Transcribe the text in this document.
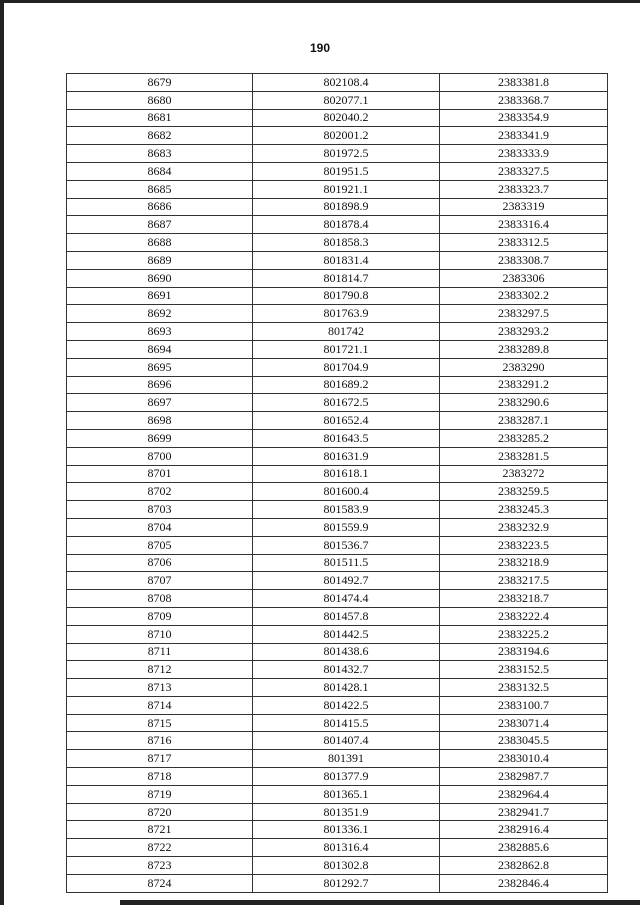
190
8679	802108.4	2383381.8
8680	802077.1	2383368.7
8681	802040.2	2383354.9
8682	802001.2	2383341.9
8683	801972.5	2383333.9
8684	801951.5	2383327.5
8685	801921.1	2383323.7
8686	801898.9	2383319
8687	801878.4	2383316.4
8688	801858.3	2383312.5
8689	801831.4	2383308.7
8690	801814.7	2383306
8691	801790.8	2383302.2
8692	801763.9	2383297.5
8693	801742	2383293.2
8694	801721.1	2383289.8
8695	801704.9	2383290
8696	801689.2	2383291.2
8697	801672.5	2383290.6
8698	801652.4	2383287.1
8699	801643.5	2383285.2
8700	801631.9	2383281.5
8701	801618.1	2383272
8702	801600.4	2383259.5
8703	801583.9	2383245.3
8704	801559.9	2383232.9
8705	801536.7	2383223.5
8706	801511.5	2383218.9
8707	801492.7	2383217.5
8708	801474.4	2383218.7
8709	801457.8	2383222.4
8710	801442.5	2383225.2
8711	801438.6	2383194.6
8712	801432.7	2383152.5
8713	801428.1	2383132.5
8714	801422.5	2383100.7
8715	801415.5	2383071.4
8716	801407.4	2383045.5
8717	801391	2383010.4
8718	801377.9	2382987.7
8719	801365.1	2382964.4
8720	801351.9	2382941.7
8721	801336.1	2382916.4
8722	801316.4	2382885.6
8723	801302.8	2382862.8
8724	801292.7	2382846.4
